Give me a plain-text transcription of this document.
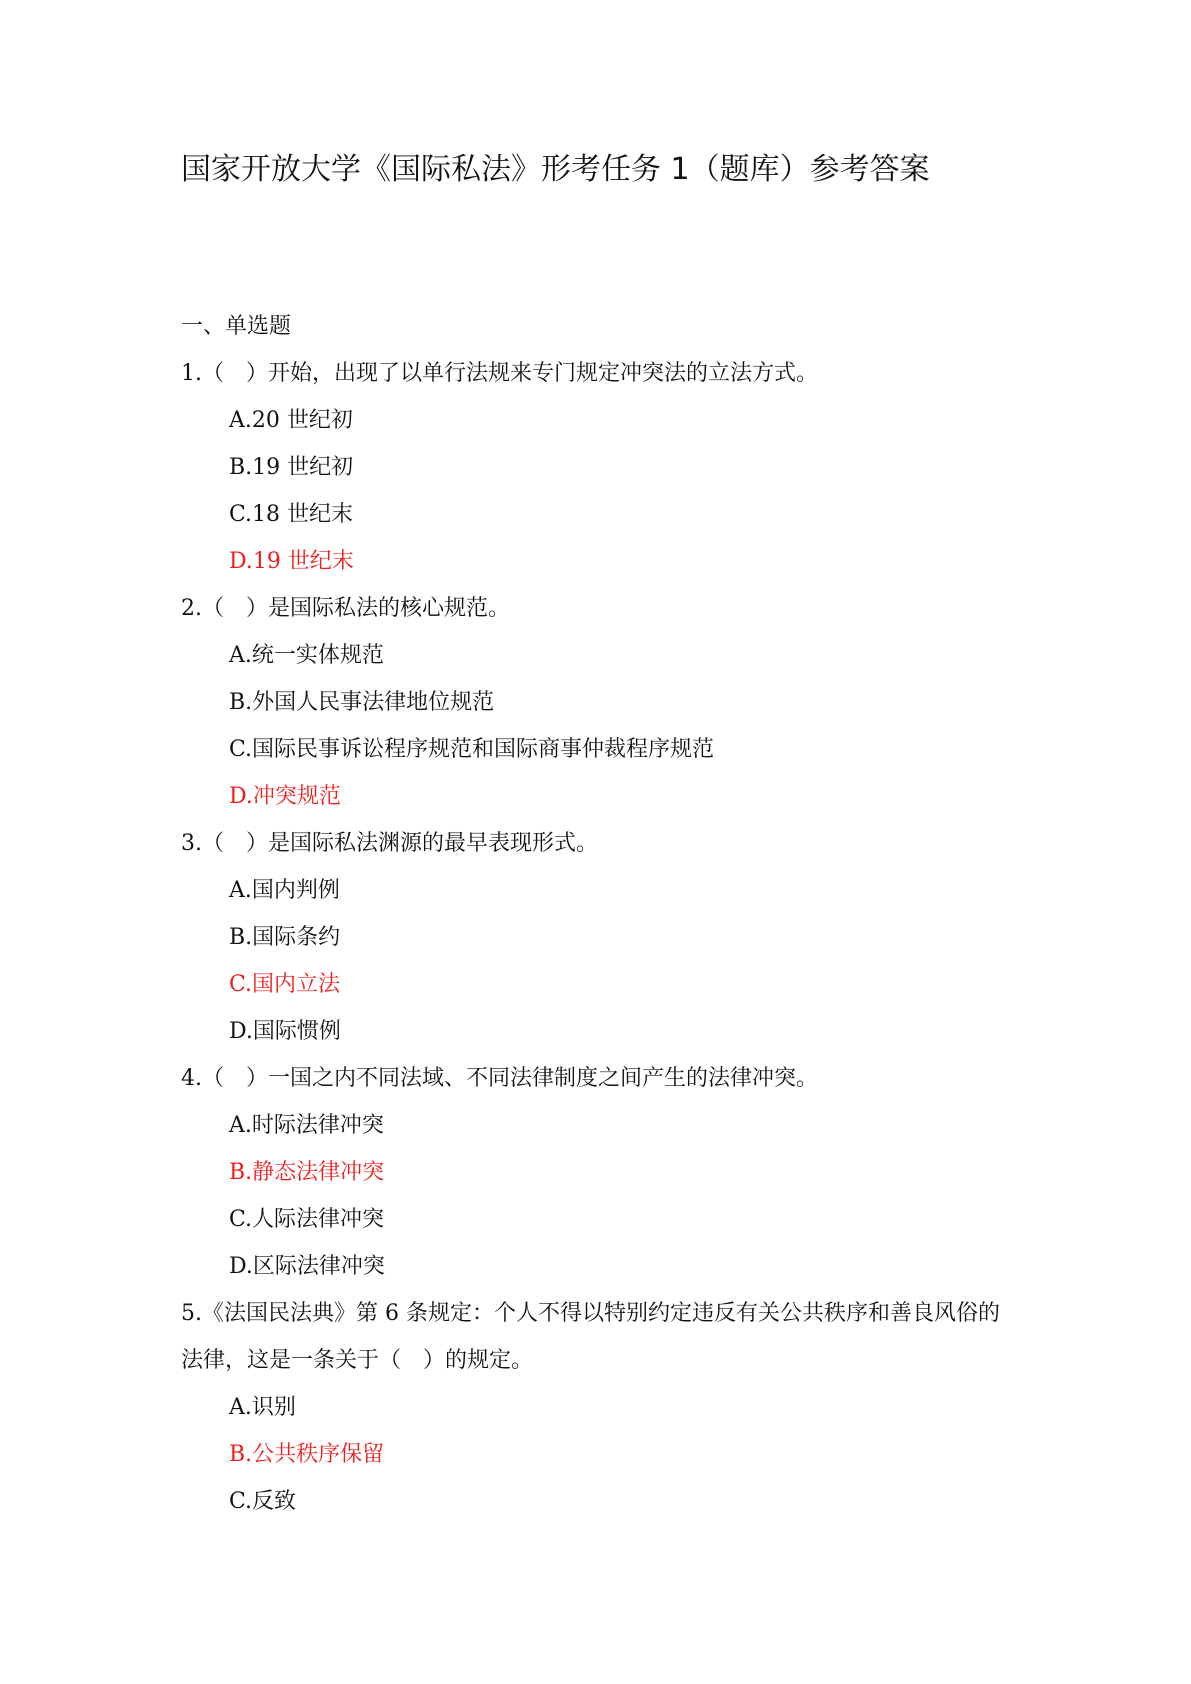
国家开放大学《国际私法》形考任务 1（题库）参考答案

一、单选题

1.（　）开始，出现了以单行法规来专门规定冲突法的立法方式。

A.20 世纪初
B.19 世纪初
C.18 世纪末
D.19 世纪末

2.（　）是国际私法的核心规范。

A.统一实体规范
B.外国人民事法律地位规范
C.国际民事诉讼程序规范和国际商事仲裁程序规范
D.冲突规范

3.（　）是国际私法渊源的最早表现形式。

A.国内判例
B.国际条约
C.国内立法
D.国际惯例

4.（　）一国之内不同法域、不同法律制度之间产生的法律冲突。

A.时际法律冲突
B.静态法律冲突
C.人际法律冲突
D.区际法律冲突

5.《法国民法典》第 6 条规定：个人不得以特别约定违反有关公共秩序和善良风俗的法律，这是一条关于（　）的规定。

A.识别
B.公共秩序保留
C.反致
